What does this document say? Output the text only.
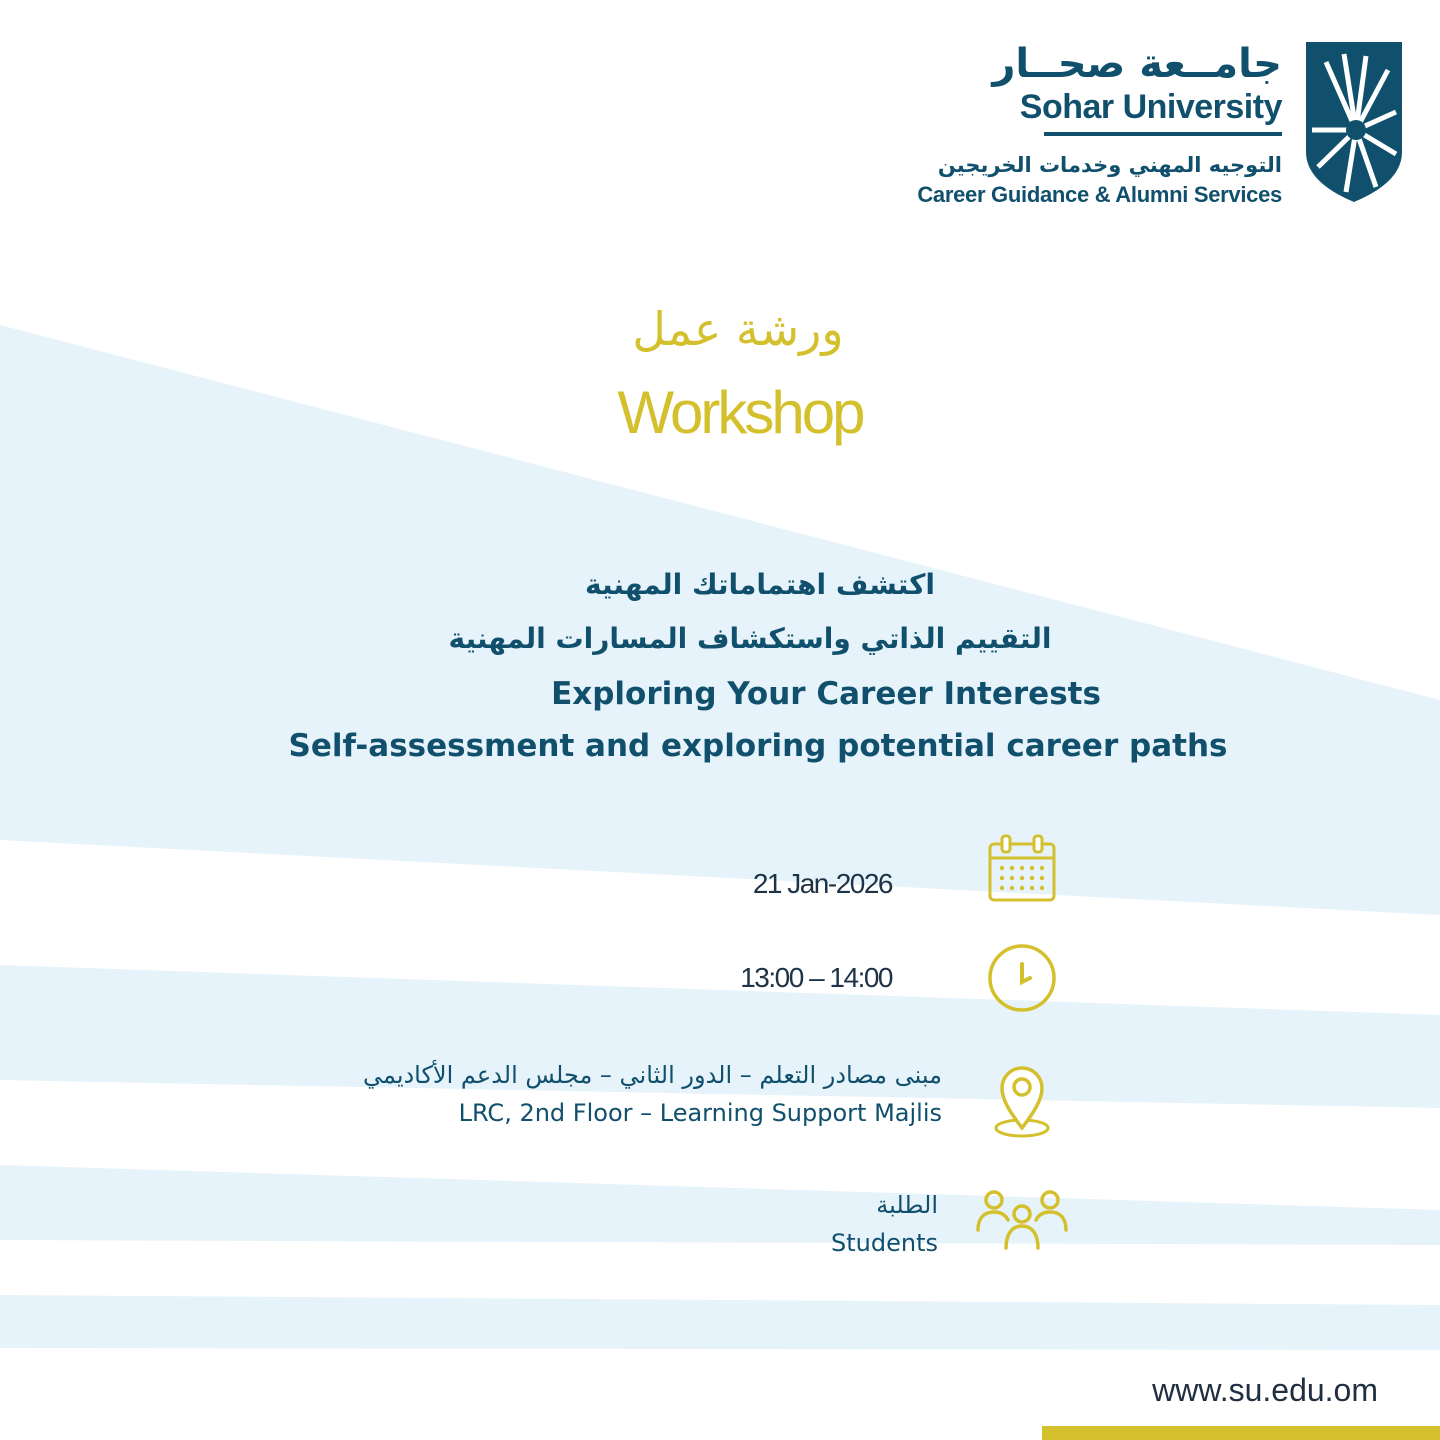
جامــعة صحــار
Sohar University
التوجيه المهني وخدمات الخريجين
Career Guidance & Alumni Services
ورشة عمل
Workshop
اكتشف اهتماماتك المهنية
التقييم الذاتي واستكشاف المسارات المهنية
Exploring Your Career Interests
Self-assessment and exploring potential career paths
21 Jan-2026
13:00 – 14:00
مبنى مصادر التعلم – الدور الثاني – مجلس الدعم الأكاديمي
LRC, 2nd Floor – Learning Support Majlis
الطلبة
Students
www.su.edu.om
